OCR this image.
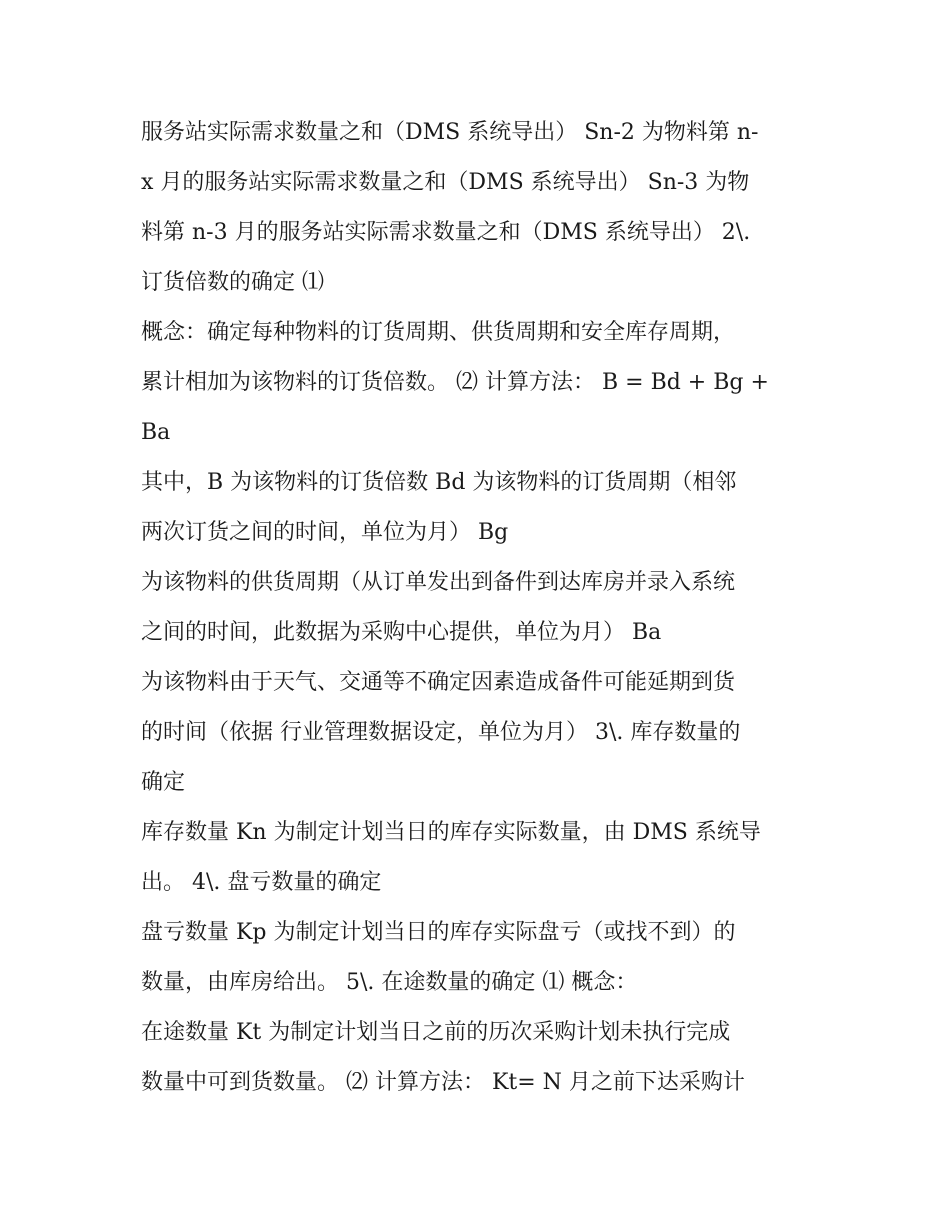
服务站实际需求数量之和（DMS 系统导出） Sn-2 为物料第 n-
x 月的服务站实际需求数量之和（DMS 系统导出） Sn-3 为物
料第 n-3 月的服务站实际需求数量之和（DMS 系统导出） 2\.
订货倍数的确定 ⑴
概念：确定每种物料的订货周期、供货周期和安全库存周期，
累计相加为该物料的订货倍数。 ⑵ 计算方法： B = Bd + Bg +
Ba
其中，B 为该物料的订货倍数 Bd 为该物料的订货周期（相邻
两次订货之间的时间，单位为月） Bg
为该物料的供货周期（从订单发出到备件到达库房并录入系统
之间的时间，此数据为采购中心提供，单位为月） Ba
为该物料由于天气、交通等不确定因素造成备件可能延期到货
的时间（依据 行业管理数据设定，单位为月） 3\. 库存数量的
确定
库存数量 Kn 为制定计划当日的库存实际数量，由 DMS 系统导
出。 4\. 盘亏数量的确定
盘亏数量 Kp 为制定计划当日的库存实际盘亏（或找不到）的
数量，由库房给出。 5\. 在途数量的确定 ⑴ 概念：
在途数量 Kt 为制定计划当日之前的历次采购计划未执行完成
数量中可到货数量。 ⑵ 计算方法： Kt= N 月之前下达采购计
